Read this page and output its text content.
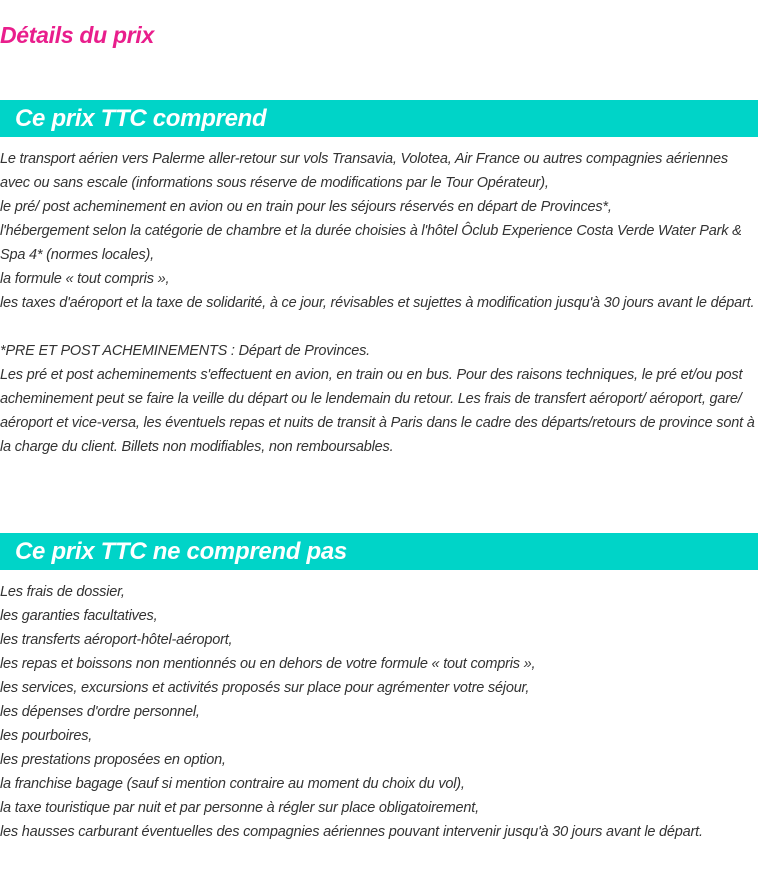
Détails du prix
Ce prix TTC comprend

Le transport aérien vers Palerme aller-retour sur vols Transavia, Volotea, Air France ou autres compagnies aériennes avec ou sans escale (informations sous réserve de modifications par le Tour Opérateur),

le pré/ post acheminement en avion ou en train pour les séjours réservés en départ de Provinces*,

l'hébergement selon la catégorie de chambre et la durée choisies à l'hôtel Ôclub Experience Costa Verde Water Park & Spa 4* (normes locales),

la formule « tout compris »,

les taxes d'aéroport et la taxe de solidarité, à ce jour, révisables et sujettes à modification jusqu'à 30 jours avant le départ.

*PRE ET POST ACHEMINEMENTS : Départ de Provinces.

Les pré et post acheminements s'effectuent en avion, en train ou en bus. Pour des raisons techniques, le pré et/ou post acheminement peut se faire la veille du départ ou le lendemain du retour. Les frais de transfert aéroport/ aéroport, gare/ aéroport et vice-versa, les éventuels repas et nuits de transit à Paris dans le cadre des départs/retours de province sont à la charge du client. Billets non modifiables, non remboursables.

Ce prix TTC ne comprend pas

Les frais de dossier,

les garanties facultatives,

les transferts aéroport-hôtel-aéroport,

les repas et boissons non mentionnés ou en dehors de votre formule « tout compris »,

les services, excursions et activités proposés sur place pour agrémenter votre séjour,

les dépenses d'ordre personnel,

les pourboires,

les prestations proposées en option,

la franchise bagage (sauf si mention contraire au moment du choix du vol),

la taxe touristique par nuit et par personne à régler sur place obligatoirement,

les hausses carburant éventuelles des compagnies aériennes pouvant intervenir jusqu'à 30 jours avant le départ.
